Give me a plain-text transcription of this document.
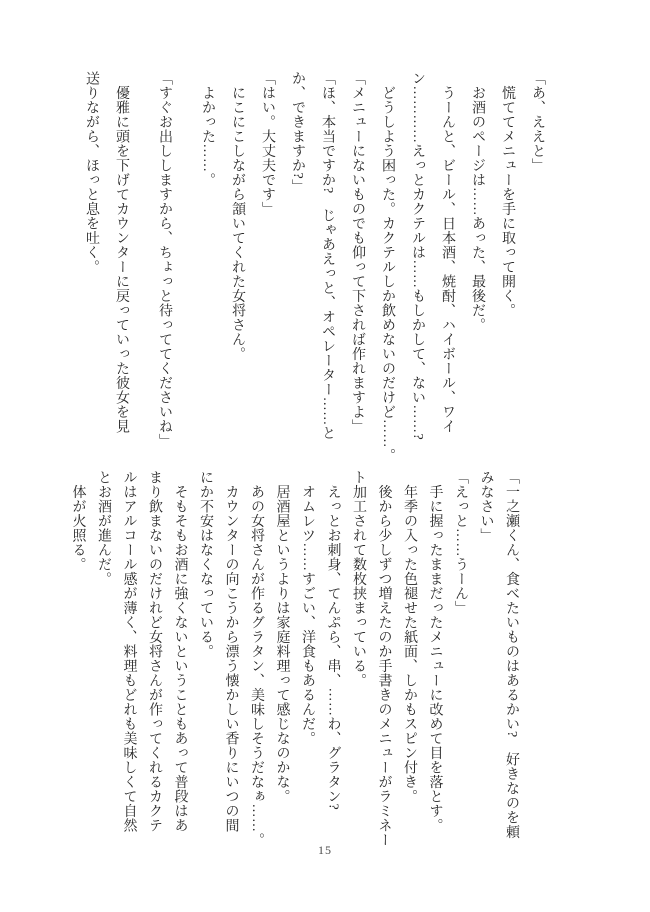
「あ、ええと」
　慌ててメニューを手に取って開く。
　お酒のページは……あった、最後だ。
　うーんと、ビール、日本酒、焼酎、ハイボール、ワイ
ン…………えっとカクテルは……もしかして、ない……?
　どうしよう困った。カクテルしか飲めないのだけど……。
「メニューにないものでも仰って下されば作れますよ」
「ほ、本当ですか?　じゃあえっと、オペレーター……と
か、できますか?」
「はい。大丈夫です」
　にこにこしながら頷いてくれた女将さん。
　よかった……。
「すぐお出ししますから、ちょっと待っててくださいね」
　優雅に頭を下げてカウンターに戻っていった彼女を見
送りながら、ほっと息を吐く。
「一之瀬くん、食べたいものはあるかい?　好きなのを頼
みなさい」
「えっと……うーん」
　手に握ったままだったメニューに改めて目を落とす。
　年季の入った色褪せた紙面、しかもスピン付き。
　後から少しずつ増えたのか手書きのメニューがラミネー
ト加工されて数枚挟まっている。
　えっとお刺身、てんぷら、串、……わ、グラタン?
　オムレツ……すごい、洋食もあるんだ。
　居酒屋というよりは家庭料理って感じなのかな。
　あの女将さんが作るグラタン、美味しそうだなぁ……。
　カウンターの向こうから漂う懐かしい香りにいつの間
にか不安はなくなっている。
　そもそもお酒に強くないということもあって普段はあ
まり飲まないのだけれど女将さんが作ってくれるカクテ
ルはアルコール感が薄く、料理もどれも美味しくて自然
とお酒が進んだ。
　体が火照る。
15
